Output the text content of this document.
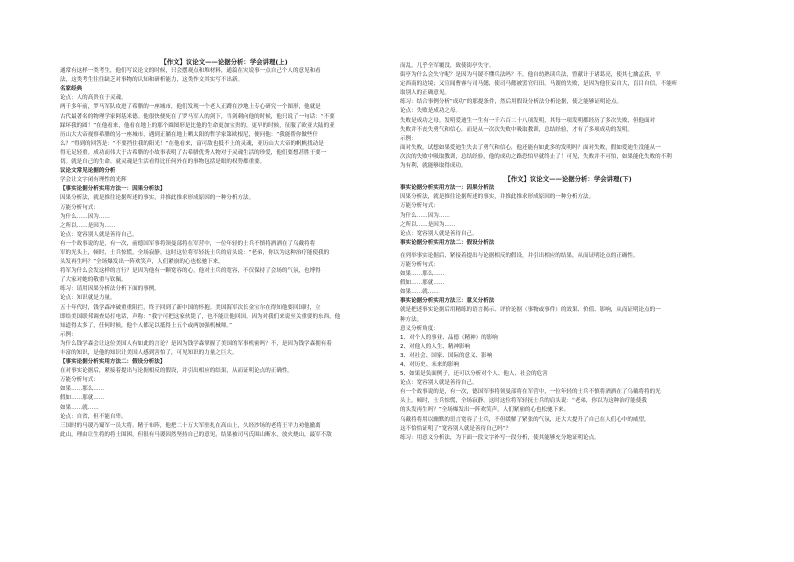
【作文】议论文——论据分析：学会讲理(上)
通常有这样一类考生，他们写议论文的时候，只会摆观点和堆材料，通篇在灾说事一点自己个人的意见和看
法，这类考生往往缺乏对事物的认知和研析能力，这类作文其实写不出新。
名家经典
论点：人的高贵在于灵魂。
两千多年前，罗马军队攻进了希腊的一座城市，他们发现一个老人正蹲在沙地上专心研究一个图形，他就是
古代最著名的物理学家阿基米德。他很快便死在了罗马军人的剑下，当剑刺向他的时候，他只说了一句话：“不要
踩坏我的圆！”在他看来，他看在地上的那个圆图形是比他的生命更加宝贵的。更早的时候，征服了欧亚大陆的亚
历山大大帝视察希腊的另一座城市，遇到正躺在地上晒太阳的哲学家第欧根尼，便问他：“我能帮你做些什
么？”得到的回答是：“不要挡住我的阳光！”在他看来，富可敌也抵不上的灵魂，亚历山大大帝的帆帆找动是
得无足轻重。成功而伟大于古希腊的小故事表明了古希腊优秀人物对于灵魂生活的珍爱，他们要想甚胜于要一
切。就是自己的生命。就灵魂是生活看得比任何外在的事物包括是眼的权势都重要。
议论文常见论据的分析
学会让文字闭有理性的光辉
【事实论据分析实用方法一：因果分析法】
因果分析法，就是推往论据所述的事实，并推此推求形成原因的一种分析方法。
万能分析句式：
为什么……因为……
之所以……是因为……
论点：宽容别人就是善待自己。
有一个故事说的是，有一次，前德国军事将领曼部将在军营中，一位年轻的士兵不慎将酒洒在了乌戴将将
军的光头上，顿时，士兵惊慌，全场寂静。这时这位将军轻抚士兵的肩头说：“老弟，你以为这种治疗能使我的
头发再生吗？”全场爆发出一阵欢笑声，人们紧崩的心也松驰下来。
将军为什么会发这样的言行？是因为他有一颗宽容的心，他对士兵的宽容，不仅保持了会场的气氛，也博得
了大家对她的敬重与钦佩。
练习：请用因果分析法分析下面的事例。
论点：知识就是力量。
五十年代时，钱学森冲破重重阻拦，终于回到了新中国的怀抱。美国海军次长金宝尔在得知他要回国时，立
即给美国联邦调查局打电话，声称：“我宁可把这家伙毙了，也不能让他回国。因为对我们来说至关重要的东西，他
知道得太多了，任何时候，他个人都足以抵得上五个或两加强机械师。”
示例：
为什么钱学森会让这位美国人有如此的言论？是因为钱学森掌握了美国的军事机密吗？不，是因为钱学森拥有着
丰富的知识，是他的知识让美国人感到害怕了，可见知识的力量之巨大。
【事实论据分析实用方法二：假设分析法】
在对事实论据后，紧接着提出与论据相反的假设，并引出相应的结果，从而证明论点的正确性。
万能分析句式：
如果……那么……
假如……那就……
如果……就……
论点：自省，但不能自卑。
三国时的马谡乃蜀军一员大将。精于布阵，他把二十万大军驻扎在高山上，久经沙场的老将王平力劝他撤离
此山，理由让生将的将士围困，但很有马谡因然坚持自己的意见，结果被司马氏围山断水，放火烧山，最军不敌
而乱，几乎全军覆没，致使街亭失守。
街亭为什么会失守呢？是因为马谡不懂兵法吗？不，他自幼熟读兵法，曾献计于诸葛亮，使其七擒孟获，平
定西南的边境；又宣闻曹睿与司马懿，使司马懿被罢官归田。马谡的失败，是因为他狂妄自大，盲目自信，不能听
取别人的正确意见。
练习：结合事例分析“成功”的那提条件，然后用假设分析法分析论据，使之能够证明论点。
论点：失败是成功之母。
失败是成功之母。发明爱迪生一生有一千六百二十八项发明，其每一项发明都经历了多次失败，但他面对
失败并不丧失勇气和信心，而是从一次次失败中吸取教训，总结经验，才有了多项成功的发明。
示例：
面对失败，试想如果爱迪生失去了勇气和信心，他还能有如此多的发明吗？面对失败，假如爱迪生没能从一
次次的失败中吸取教训，总结经验，他的成功之路恐怕早就终止了！可见，失败并不可怕，如果能化失败的不利
为有利，就能够取得成功。
【作文】议论文——论据分析：学会讲理(下)
事实论据分析实用方法一：因果分析法
因果分析法，就是推往论据所述的事实，并推此推求形成原因的一种分析方法。
万能分析句式：
为什么……因为……
之所以……是因为……
论点：宽容别人就是善待自己。
事实论据分析实用方法二：假设分析法
在列举事实论据后，紧接着提出与论据相反的假设，并引出相应的结果，从而证明论点的正确性。
万能分析句式：
如果……那么……
假如……那就……
如果……就……
事实论据分析实用方法三：意义分析法
就是把述事实论据后用精练的语言揭示、评价论据（事物或事件）的效果、价值、影响，从而证明论点的一
种方法。
意义分析角度：
1、对个人的事业、品德（精神）的影响
2、对他人的人生、精神影响
3、对社会、国家、国际的意义、影响
4、对历史、未来的影响
5、如果是负面例子，还可以分析对个人、他人、社会的危害
论点：宽容别人就是善待自己。
有一个故事说的是，有一次，德国军事将领曼部将在军营中，一位年轻的士兵不慎将酒洒在了乌戴将将的光
头上。顿时，士兵惊慌，全场寂静。这时这位将军轻抚士兵的肩头说：“老弟，你以为这种治疗能使我
的头发再生吗？”全场爆发出一阵欢笑声，人们紧崩的心也松驰下来。
乌戴将将用以幽默的语言宽容了士兵，不但缓解了紧张的气氛，还大大提升了自己在人们心中的威望，
这不恰恰证明了“宽容别人就是善待自己吗”？
练习：用意义分析法，为下面一段文字补写一段分析，使其能够充分地证明论点。
